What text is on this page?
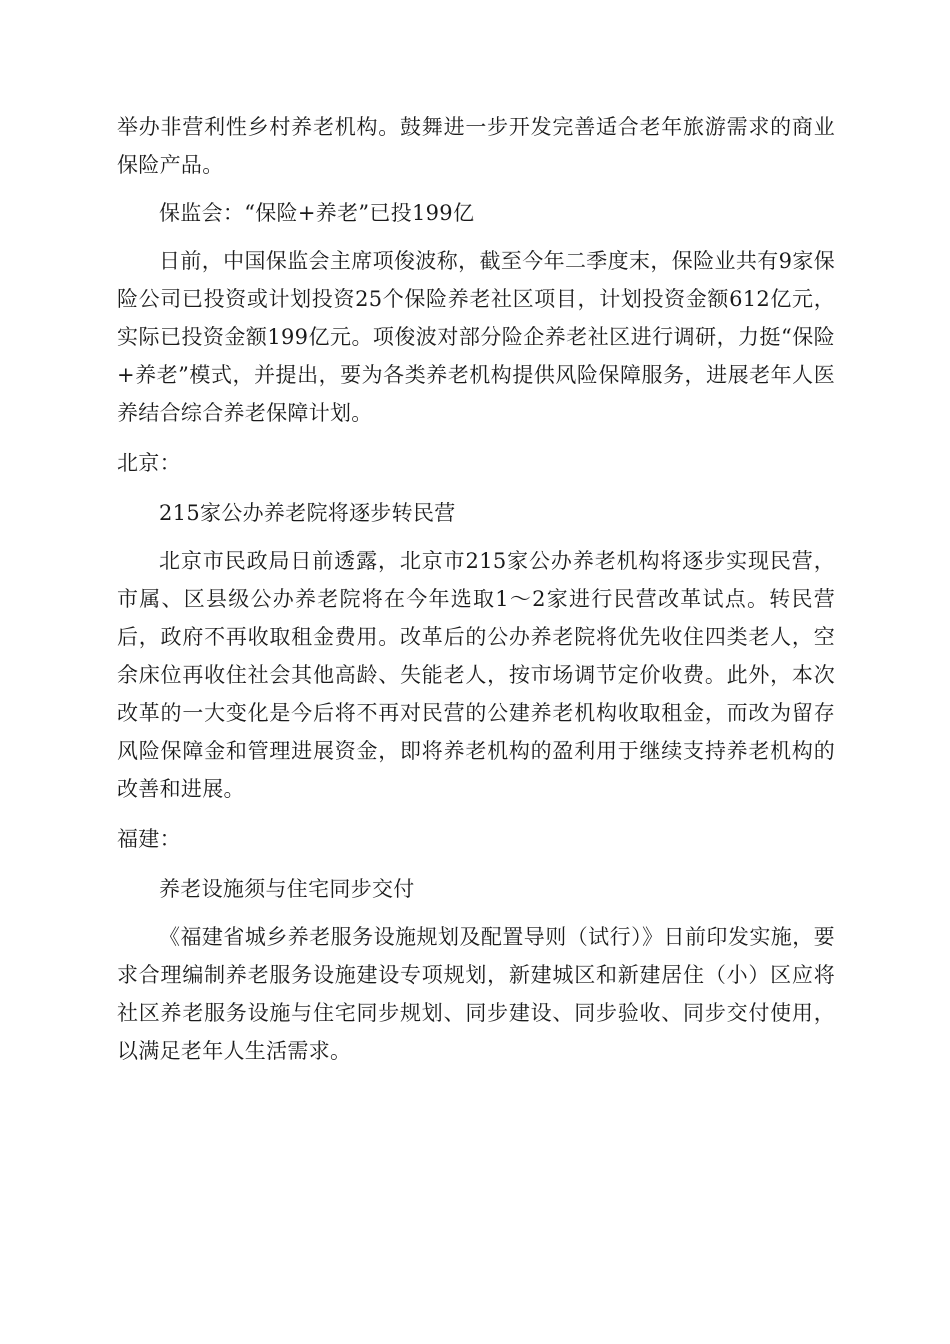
举办非营利性乡村养老机构。鼓舞进一步开发完善适合老年旅游需求的商业保险产品。

保监会：“保险+养老”已投199亿

日前，中国保监会主席项俊波称，截至今年二季度末，保险业共有9家保险公司已投资或计划投资25个保险养老社区项目，计划投资金额612亿元，实际已投资金额199亿元。项俊波对部分险企养老社区进行调研，力挺“保险+养老”模式，并提出，要为各类养老机构提供风险保障服务，进展老年人医养结合综合养老保障计划。

北京：

215家公办养老院将逐步转民营

北京市民政局日前透露，北京市215家公办养老机构将逐步实现民营，市属、区县级公办养老院将在今年选取1～2家进行民营改革试点。转民营后，政府不再收取租金费用。改革后的公办养老院将优先收住四类老人，空余床位再收住社会其他高龄、失能老人，按市场调节定价收费。此外，本次改革的一大变化是今后将不再对民营的公建养老机构收取租金，而改为留存风险保障金和管理进展资金，即将养老机构的盈利用于继续支持养老机构的改善和进展。

福建：

养老设施须与住宅同步交付

《福建省城乡养老服务设施规划及配置导则（试行）》日前印发实施，要求合理编制养老服务设施建设专项规划，新建城区和新建居住（小）区应将社区养老服务设施与住宅同步规划、同步建设、同步验收、同步交付使用，以满足老年人生活需求。
